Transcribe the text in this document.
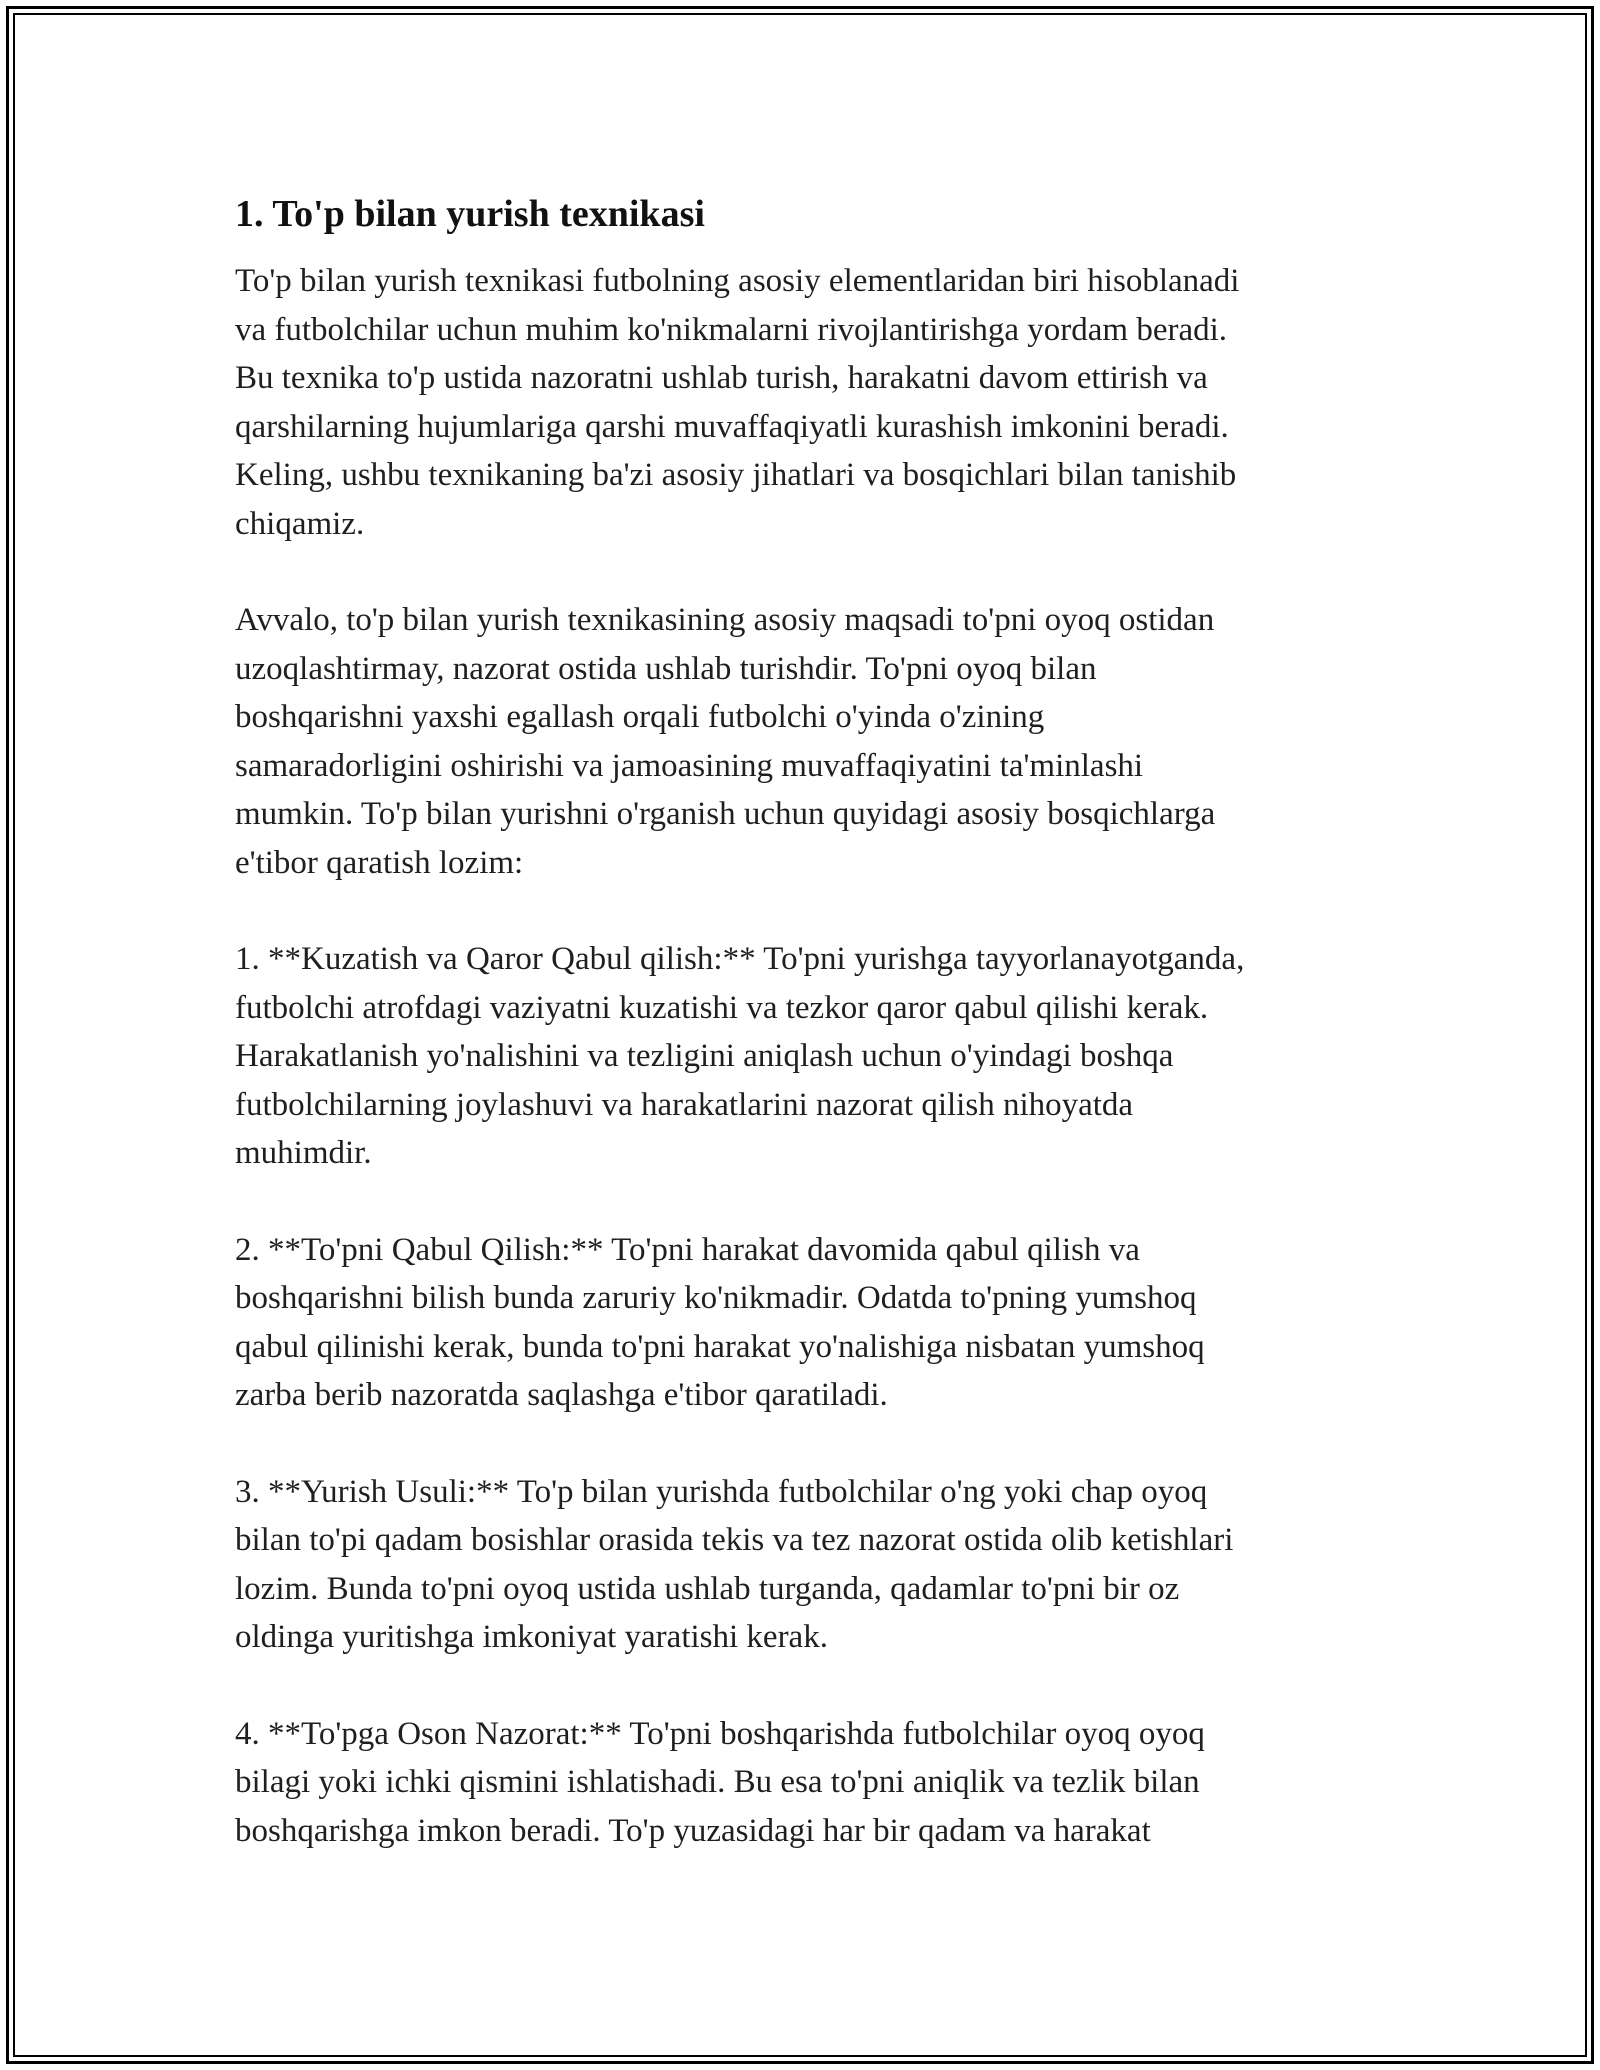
1. To'p bilan yurish texnikasi

To'p bilan yurish texnikasi futbolning asosiy elementlaridan biri hisoblanadi
va futbolchilar uchun muhim ko'nikmalarni rivojlantirishga yordam beradi.
Bu texnika to'p ustida nazoratni ushlab turish, harakatni davom ettirish va
qarshilarning hujumlariga qarshi muvaffaqiyatli kurashish imkonini beradi.
Keling, ushbu texnikaning ba'zi asosiy jihatlari va bosqichlari bilan tanishib
chiqamiz.

Avvalo, to'p bilan yurish texnikasining asosiy maqsadi to'pni oyoq ostidan
uzoqlashtirmay, nazorat ostida ushlab turishdir. To'pni oyoq bilan
boshqarishni yaxshi egallash orqali futbolchi o'yinda o'zining
samaradorligini oshirishi va jamoasining muvaffaqiyatini ta'minlashi
mumkin. To'p bilan yurishni o'rganish uchun quyidagi asosiy bosqichlarga
e'tibor qaratish lozim:

1. **Kuzatish va Qaror Qabul qilish:** To'pni yurishga tayyorlanayotganda,
futbolchi atrofdagi vaziyatni kuzatishi va tezkor qaror qabul qilishi kerak.
Harakatlanish yo'nalishini va tezligini aniqlash uchun o'yindagi boshqa
futbolchilarning joylashuvi va harakatlarini nazorat qilish nihoyatda
muhimdir.

2. **To'pni Qabul Qilish:** To'pni harakat davomida qabul qilish va
boshqarishni bilish bunda zaruriy ko'nikmadir. Odatda to'pning yumshoq
qabul qilinishi kerak, bunda to'pni harakat yo'nalishiga nisbatan yumshoq
zarba berib nazoratda saqlashga e'tibor qaratiladi.

3. **Yurish Usuli:** To'p bilan yurishda futbolchilar o'ng yoki chap oyoq
bilan to'pi qadam bosishlar orasida tekis va tez nazorat ostida olib ketishlari
lozim. Bunda to'pni oyoq ustida ushlab turganda, qadamlar to'pni bir oz
oldinga yuritishga imkoniyat yaratishi kerak.

4. **To'pga Oson Nazorat:** To'pni boshqarishda futbolchilar oyoq oyoq
bilagi yoki ichki qismini ishlatishadi. Bu esa to'pni aniqlik va tezlik bilan
boshqarishga imkon beradi. To'p yuzasidagi har bir qadam va harakat
